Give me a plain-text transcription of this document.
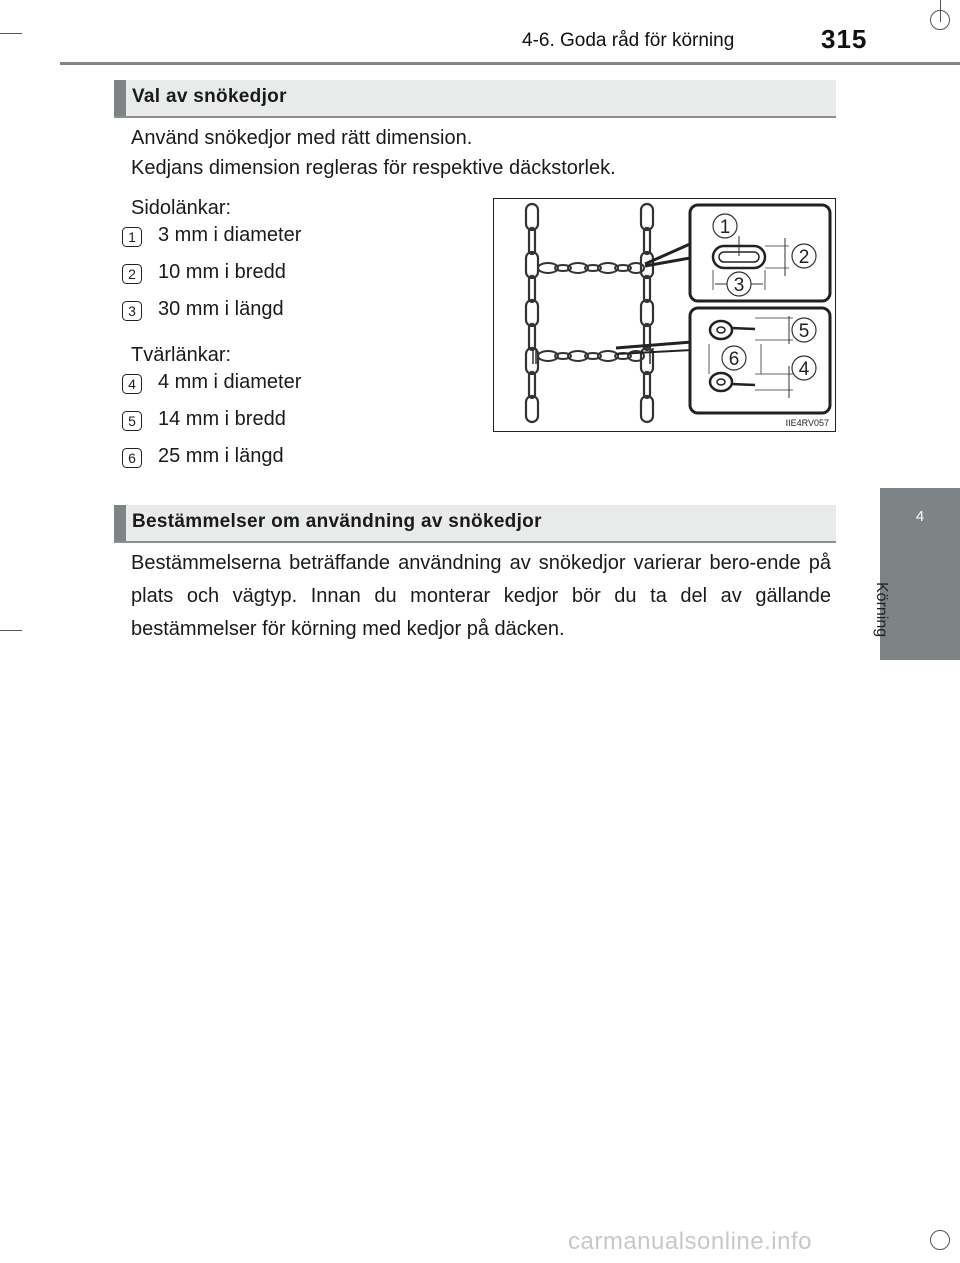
4-6. Goda råd för körning	315
4
Körning
Val av snökedjor
Använd snökedjor med rätt dimension.
Kedjans dimension regleras för respektive däckstorlek.
Sidolänkar:
1 3 mm i diameter
2 10 mm i bredd
3 30 mm i längd
Tvärlänkar:
4 4 mm i diameter
5 14 mm i bredd
6 25 mm i längd
1
2
3
5
6	4
IIE4RV057
Bestämmelser om användning av snökedjor
Bestämmelserna beträffande användning av snökedjor varierar bero-ende på plats och vägtyp. Innan du monterar kedjor bör du ta del av gällande bestämmelser för körning med kedjor på däcken.
carmanualsonline.info
